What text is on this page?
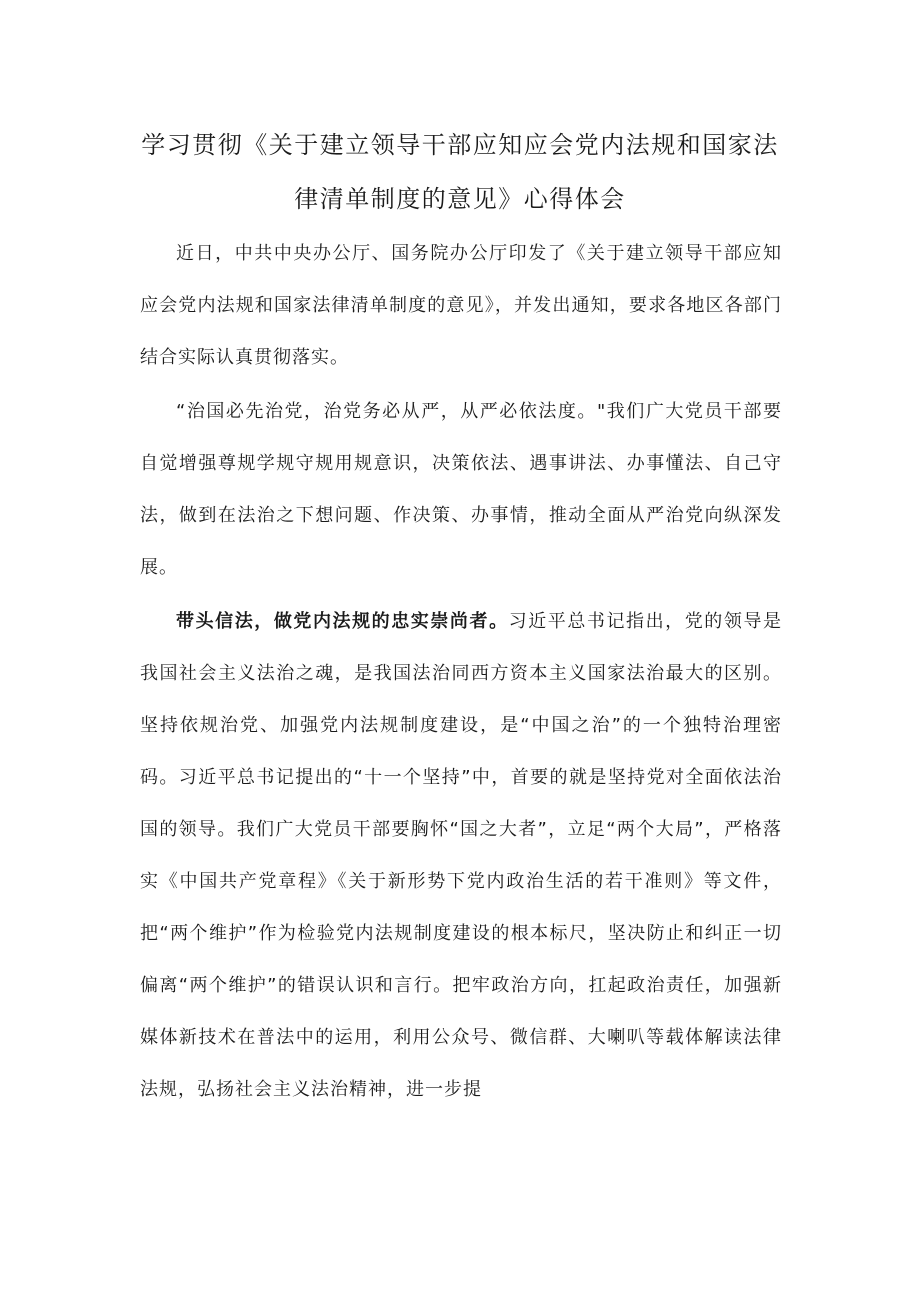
学习贯彻《关于建立领导干部应知应会党内法规和国家法
律清单制度的意见》心得体会

近日，中共中央办公厅、国务院办公厅印发了《关于建立领导干部应知应会党内法规和国家法律清单制度的意见》，并发出通知，要求各地区各部门结合实际认真贯彻落实。

“治国必先治党，治党务必从严，从严必依法度。"我们广大党员干部要自觉增强尊规学规守规用规意识，决策依法、遇事讲法、办事懂法、自己守法，做到在法治之下想问题、作决策、办事情，推动全面从严治党向纵深发展。

带头信法，做党内法规的忠实崇尚者。习近平总书记指出，党的领导是我国社会主义法治之魂，是我国法治同西方资本主义国家法治最大的区别。坚持依规治党、加强党内法规制度建设，是“中国之治”的一个独特治理密码。习近平总书记提出的“十一个坚持”中，首要的就是坚持党对全面依法治国的领导。我们广大党员干部要胸怀“国之大者”，立足“两个大局”，严格落实《中国共产党章程》《关于新形势下党内政治生活的若干准则》等文件，把“两个维护”作为检验党内法规制度建设的根本标尺，坚决防止和纠正一切偏离“两个维护”的错误认识和言行。把牢政治方向，扛起政治责任，加强新媒体新技术在普法中的运用，利用公众号、微信群、大喇叭等载体解读法律法规，弘扬社会主义法治精神，进一步提
